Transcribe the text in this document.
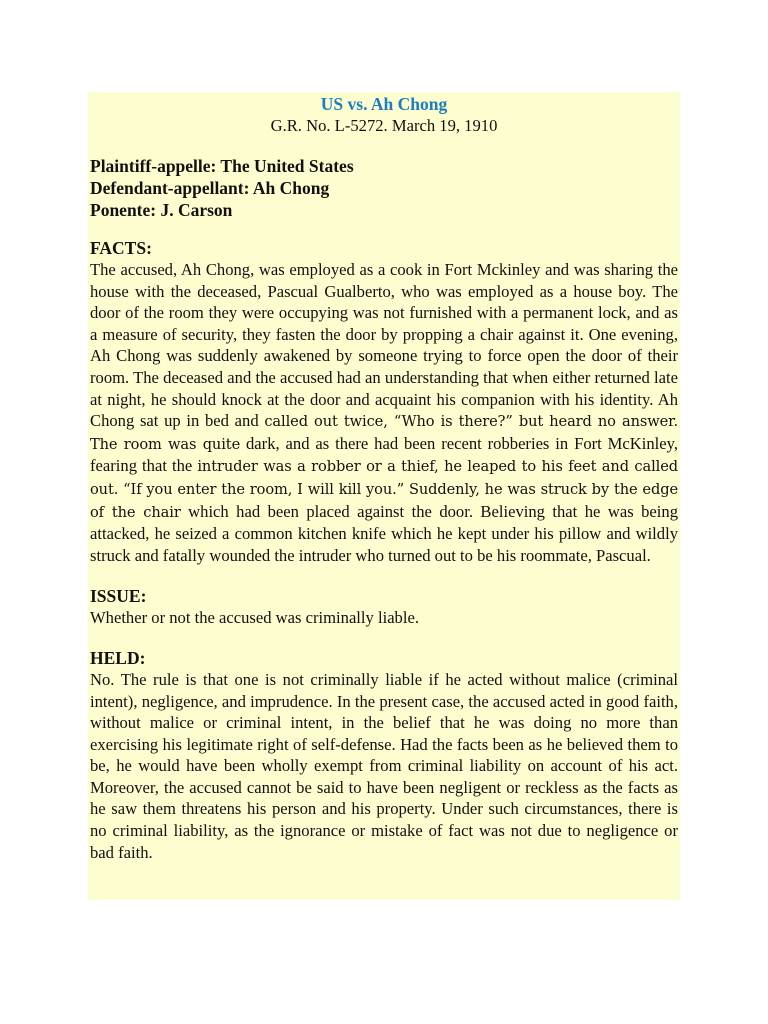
US vs. Ah Chong

G.R. No. L-5272. March 19, 1910

Plaintiff-appelle: The United States
Defendant-appellant: Ah Chong
Ponente: J. Carson

FACTS:

The accused, Ah Chong, was employed as a cook in Fort Mckinley and was sharing the house with the deceased, Pascual Gualberto, who was employed as a house boy. The door of the room they were occupying was not furnished with a permanent lock, and as a measure of security, they fasten the door by propping a chair against it. One evening, Ah Chong was suddenly awakened by someone trying to force open the door of their room. The deceased and the accused had an understanding that when either returned late at night, he should knock at the door and acquaint his companion with his identity. Ah Chong sat up in bed and called out twice, “Who is there?” but heard no answer. The room was quite dark, and as there had been recent robberies in Fort McKinley, fearing that the intruder was a robber or a thief, he leaped to his feet and called out. “If you enter the room, I will kill you.” Suddenly, he was struck by the edge of the chair which had been placed against the door. Believing that he was being attacked, he seized a common kitchen knife which he kept under his pillow and wildly struck and fatally wounded the intruder who turned out to be his roommate, Pascual.

ISSUE:

Whether or not the accused was criminally liable.

HELD:

No. The rule is that one is not criminally liable if he acted without malice (criminal intent), negligence, and imprudence. In the present case, the accused acted in good faith, without malice or criminal intent, in the belief that he was doing no more than exercising his legitimate right of self-defense. Had the facts been as he believed them to be, he would have been wholly exempt from criminal liability on account of his act. Moreover, the accused cannot be said to have been negligent or reckless as the facts as he saw them threatens his person and his property. Under such circumstances, there is no criminal liability, as the ignorance or mistake of fact was not due to negligence or bad faith.
